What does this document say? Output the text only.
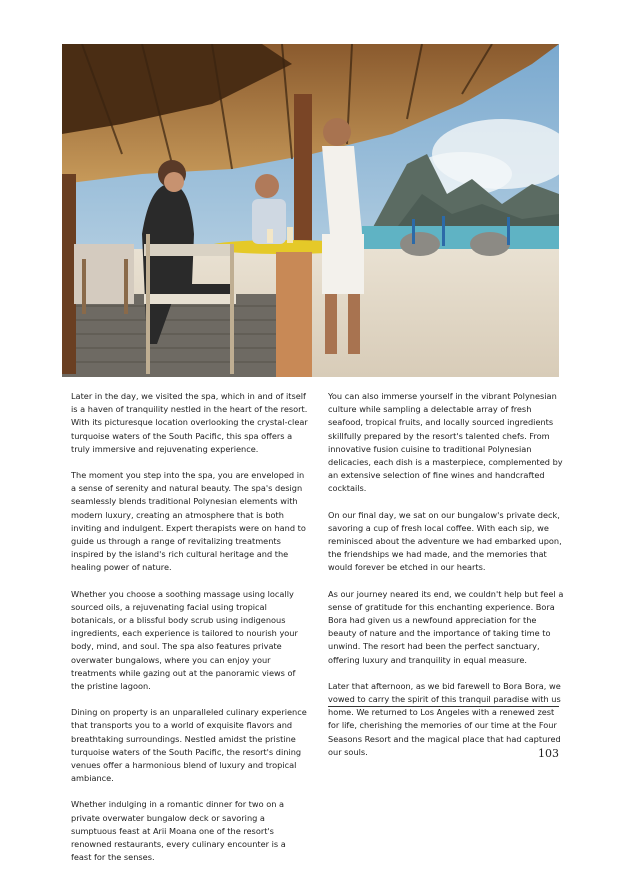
Later in the day, we visited the spa, which in and of itself is a haven of tranquility nestled in the heart of the resort. With its picturesque location overlooking the crystal-clear turquoise waters of the South Pacific, this spa offers a truly immersive and rejuvenating experience.

The moment you step into the spa, you are enveloped in a sense of serenity and natural beauty. The spa's design seamlessly blends traditional Polynesian elements with modern luxury, creating an atmosphere that is both inviting and indulgent. Expert therapists were on hand to guide us through a range of revitalizing treatments inspired by the island's rich cultural heritage and the healing power of nature.

Whether you choose a soothing massage using locally sourced oils, a rejuvenating facial using tropical botanicals, or a blissful body scrub using indigenous ingredients, each experience is tailored to nourish your body, mind, and soul. The spa also features private overwater bungalows, where you can enjoy your treatments while gazing out at the panoramic views of the pristine lagoon.

Dining on property is an unparalleled culinary experience that transports you to a world of exquisite flavors and breathtaking surroundings. Nestled amidst the pristine turquoise waters of the South Pacific, the resort's dining venues offer a harmonious blend of luxury and tropical ambiance.

Whether indulging in a romantic dinner for two on a private overwater bungalow deck or savoring a sumptuous feast at Arii Moana one of the resort's renowned restaurants, every culinary encounter is a feast for the senses.

You can also immerse yourself in the vibrant Polynesian culture while sampling a delectable array of fresh seafood, tropical fruits, and locally sourced ingredients skillfully prepared by the resort's talented chefs. From innovative fusion cuisine to traditional Polynesian delicacies, each dish is a masterpiece, complemented by an extensive selection of fine wines and handcrafted cocktails.

On our final day, we sat on our bungalow's private deck, savoring a cup of fresh local coffee. With each sip, we reminisced about the adventure we had embarked upon, the friendships we had made, and the memories that would forever be etched in our hearts.

As our journey neared its end, we couldn't help but feel a sense of gratitude for this enchanting experience. Bora Bora had given us a newfound appreciation for the beauty of nature and the importance of taking time to unwind. The resort had been the perfect sanctuary, offering luxury and tranquility in equal measure.

Later that afternoon, as we bid farewell to Bora Bora, we vowed to carry the spirit of this tranquil paradise with us home. We returned to Los Angeles with a renewed zest for life, cherishing the memories of our time at the Four Seasons Resort and the magical place that had captured our souls.	103
